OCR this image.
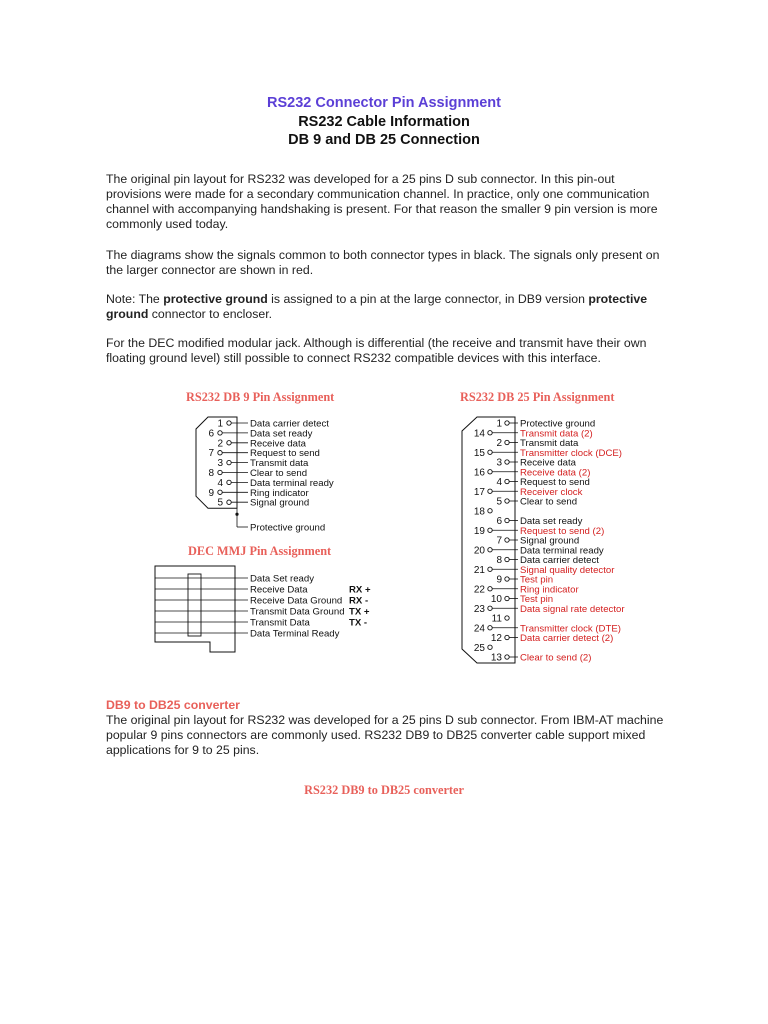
RS232 Connector Pin Assignment
RS232 Cable Information
DB 9 and DB 25 Connection
The original pin layout for RS232 was developed for a 25 pins D sub connector. In this pin-out provisions were made for a secondary communication channel. In practice, only one communication channel with accompanying handshaking is present. For that reason the smaller 9 pin version is more commonly used today.
The diagrams show the signals common to both connector types in black. The signals only present on the larger connector are shown in red.
Note: The protective ground is assigned to a pin at the large connector, in DB9 version protective ground connector to encloser.
For the DEC modified modular jack. Although is differential (the receive and transmit have their own floating ground level) still possible to connect RS232 compatible devices with this interface.
RS232 DB 9 Pin Assignment	RS232 DB 25 Pin Assignment
DEC MMJ Pin Assignment
1	Data carrier detect
6	Data set ready
2	Receive data
7	Request to send
3	Transmit data
8	Clear to send
4	Data terminal ready
9	Ring indicator
5	Signal ground
Protective ground
Data Set ready
Receive Data	RX +
Receive Data Ground RX -
Transmit Data Ground TX +
Transmit Data	TX -
Data Terminal Ready
1 Protective ground
14	Transmit data (2)
2 Transmit data
15	Transmitter clock (DCE)
3 Receive data
16	Receive data (2)
4 Request to send
17	Receiver clock
5 Clear to send
18
6 Data set ready
19	Request to send (2)
7 Signal ground
20	Data terminal ready
8 Data carrier detect
21	Signal quality detector
9 Test pin
22	Ring indicator
10 Test pin
23	Data signal rate detector
11
24	Transmitter clock (DTE)
12 Data carrier detect (2)
25
13 Clear to send (2)
DB9 to DB25 converter
The original pin layout for RS232 was developed for a 25 pins D sub connector. From IBM-AT machine popular 9 pins connectors are commonly used. RS232 DB9 to DB25 converter cable support mixed applications for 9 to 25 pins.
RS232 DB9 to DB25 converter
